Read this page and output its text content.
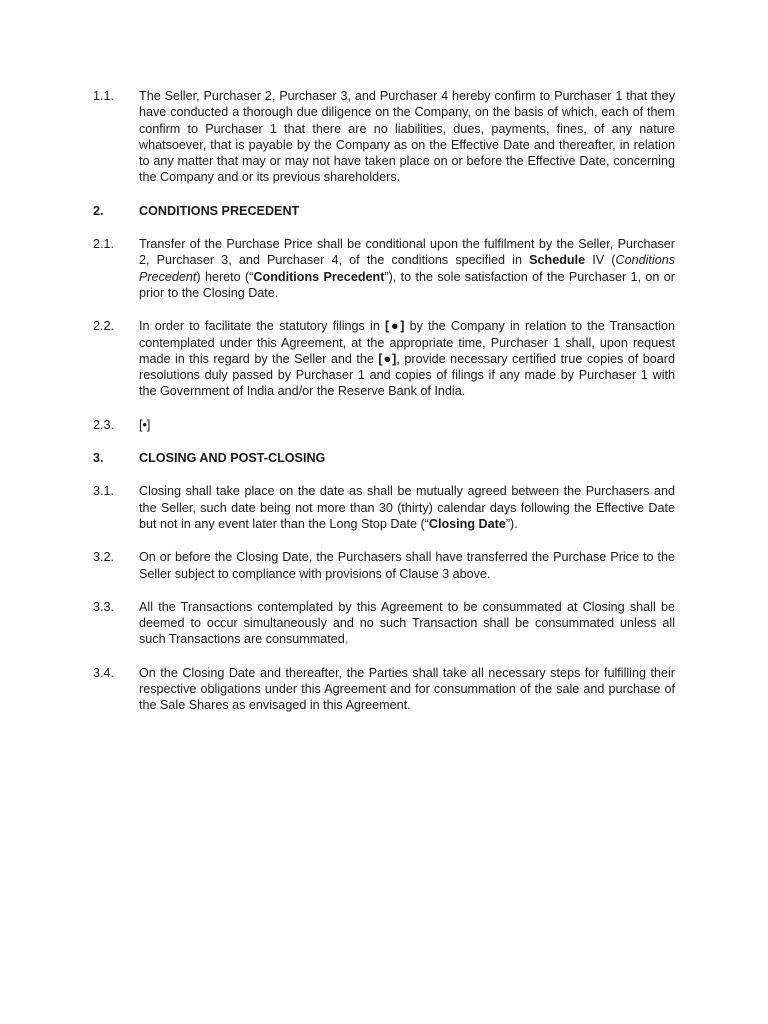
1.1.	The Seller, Purchaser 2, Purchaser 3, and Purchaser 4 hereby confirm to Purchaser 1 that they have conducted a thorough due diligence on the Company, on the basis of which, each of them confirm to Purchaser 1 that there are no liabilities, dues, payments, fines, of any nature whatsoever, that is payable by the Company as on the Effective Date and thereafter, in relation to any matter that may or may not have taken place on or before the Effective Date, concerning the Company and or its previous shareholders.
2.	CONDITIONS PRECEDENT
2.1.	Transfer of the Purchase Price shall be conditional upon the fulfilment by the Seller, Purchaser 2, Purchaser 3, and Purchaser 4, of the conditions specified in Schedule IV (Conditions Precedent) hereto (“Conditions Precedent”), to the sole satisfaction of the Purchaser 1, on or prior to the Closing Date.
2.2.	In order to facilitate the statutory filings in [●] by the Company in relation to the Transaction contemplated under this Agreement, at the appropriate time, Purchaser 1 shall, upon request made in this regard by the Seller and the [●], provide necessary certified true copies of board resolutions duly passed by Purchaser 1 and copies of filings if any made by Purchaser 1 with the Government of India and/or the Reserve Bank of India.
2.3.	[•]
3.	CLOSING AND POST-CLOSING
3.1.	Closing shall take place on the date as shall be mutually agreed between the Purchasers and the Seller, such date being not more than 30 (thirty) calendar days following the Effective Date but not in any event later than the Long Stop Date (“Closing Date”).
3.2.	On or before the Closing Date, the Purchasers shall have transferred the Purchase Price to the Seller subject to compliance with provisions of Clause 3 above.
3.3.	All the Transactions contemplated by this Agreement to be consummated at Closing shall be deemed to occur simultaneously and no such Transaction shall be consummated unless all such Transactions are consummated.
3.4.	On the Closing Date and thereafter, the Parties shall take all necessary steps for fulfilling their respective obligations under this Agreement and for consummation of the sale and purchase of the Sale Shares as envisaged in this Agreement.
